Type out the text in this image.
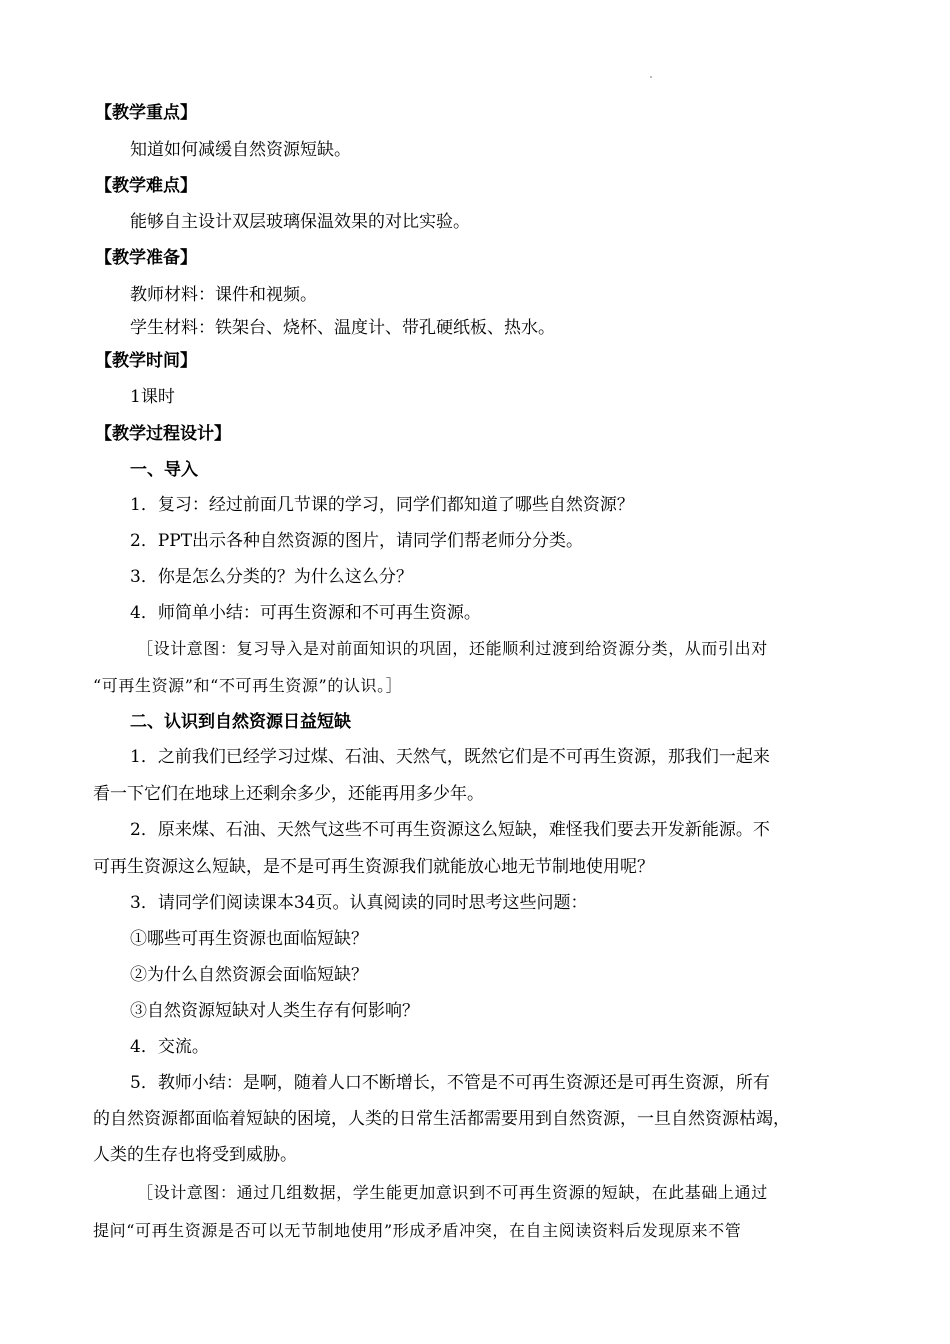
【教学重点】
知道如何减缓自然资源短缺。
【教学难点】
能够自主设计双层玻璃保温效果的对比实验。
【教学准备】
教师材料：课件和视频。
学生材料：铁架台、烧杯、温度计、带孔硬纸板、热水。
【教学时间】
1课时
【教学过程设计】
一、导入
1．复习：经过前面几节课的学习，同学们都知道了哪些自然资源？
2．PPT出示各种自然资源的图片，请同学们帮老师分分类。
3．你是怎么分类的？为什么这么分？
4．师简单小结：可再生资源和不可再生资源。
［设计意图：复习导入是对前面知识的巩固，还能顺利过渡到给资源分类，从而引出对
“可再生资源”和“不可再生资源”的认识。］
二、认识到自然资源日益短缺
1．之前我们已经学习过煤、石油、天然气，既然它们是不可再生资源，那我们一起来
看一下它们在地球上还剩余多少，还能再用多少年。
2．原来煤、石油、天然气这些不可再生资源这么短缺，难怪我们要去开发新能源。不
可再生资源这么短缺，是不是可再生资源我们就能放心地无节制地使用呢？
3．请同学们阅读课本34页。认真阅读的同时思考这些问题：
①哪些可再生资源也面临短缺？
②为什么自然资源会面临短缺？
③自然资源短缺对人类生存有何影响？
4．交流。
5．教师小结：是啊，随着人口不断增长，不管是不可再生资源还是可再生资源，所有
的自然资源都面临着短缺的困境，人类的日常生活都需要用到自然资源，一旦自然资源枯竭，
人类的生存也将受到威胁。
［设计意图：通过几组数据，学生能更加意识到不可再生资源的短缺，在此基础上通过
提问“可再生资源是否可以无节制地使用”形成矛盾冲突，在自主阅读资料后发现原来不管
